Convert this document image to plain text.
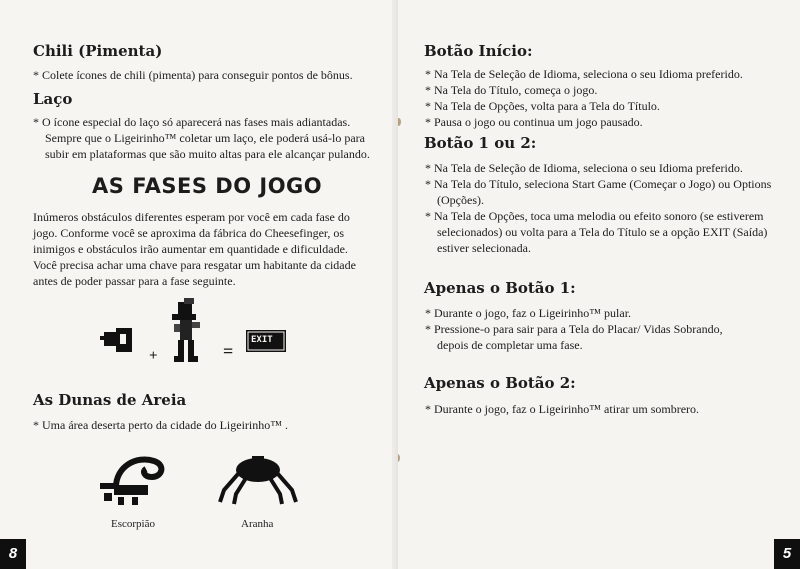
Chili (Pimenta)
* Colete ícones de chili (pimenta) para conseguir pontos de bônus.
Laço
* O ícone especial do laço só aparecerá nas fases mais adiantadas. Sempre que o Ligeirinho™ coletar um laço, ele poderá usá-lo para subir em plataformas que são muito altas para ele alcançar pulando.
AS FASES DO JOGO

Inúmeros obstáculos diferentes esperam por você em cada fase do jogo. Conforme você se aproxima da fábrica do Cheesefinger, os inimigos e obstáculos irão aumentar em quantidade e dificuldade. Você precisa achar uma chave para resgatar um habitante da cidade antes de poder passar para a fase seguinte.

+	=
EXIT
As Dunas de Areia
* Uma área deserta perto da cidade do Ligeirinho™ .
Escorpião	Aranha
8
Botão Início:
* Na Tela de Seleção de Idioma, seleciona o seu Idioma preferido.
* Na Tela do Título, começa o jogo.
* Na Tela de Opções, volta para a Tela do Título.
* Pausa o jogo ou continua um jogo pausado.
Botão 1 ou 2:
* Na Tela de Seleção de Idioma, seleciona o seu Idioma preferido.
* Na Tela do Título, seleciona Start Game (Começar o Jogo) ou Options (Opções).
* Na Tela de Opções, toca uma melodia ou efeito sonoro (se estiverem selecionados) ou volta para a Tela do Título se a opção EXIT (Saída) estiver selecionada.
Apenas o Botão 1:
* Durante o jogo, faz o Ligeirinho™ pular.
* Pressione-o para sair para a Tela do Placar/ Vidas Sobrando, depois de completar uma fase.
Apenas o Botão 2:
* Durante o jogo, faz o Ligeirinho™ atirar um sombrero.
5
